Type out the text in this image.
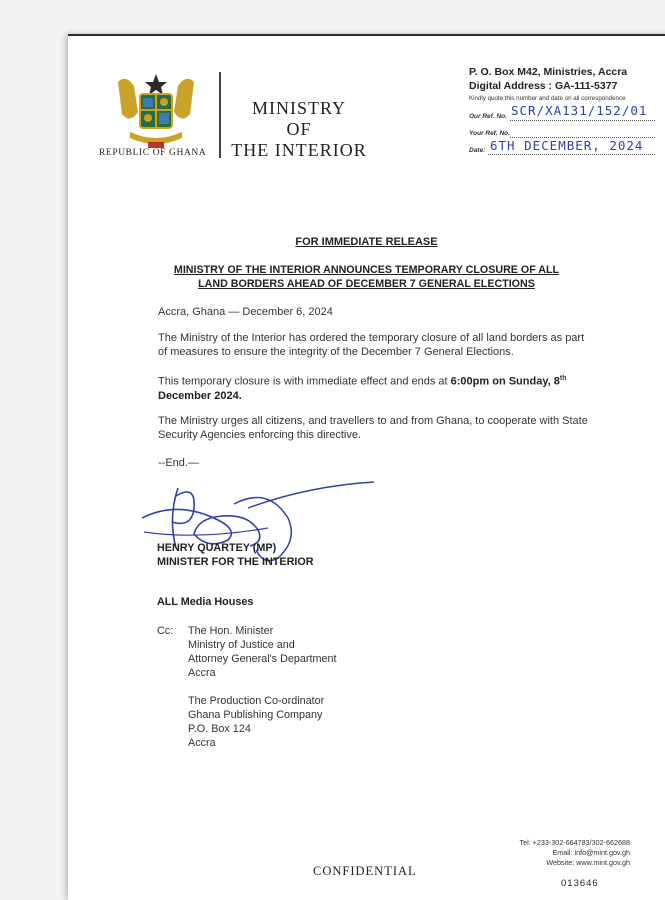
REPUBLIC OF GHANA
MINISTRY
OF
THE INTERIOR
P. O. Box M42, Ministries, Accra
Digital Address : GA-111-5377
Kindly quote this number and date on all correspondence
Our Ref. No. SCR/XA131/152/01
Your Ref. No.
Date: 6TH DECEMBER, 2024
FOR IMMEDIATE RELEASE
MINISTRY OF THE INTERIOR ANNOUNCES TEMPORARY CLOSURE OF ALL
LAND BORDERS AHEAD OF DECEMBER 7 GENERAL ELECTIONS
Accra, Ghana — December 6, 2024
The Ministry of the Interior has ordered the temporary closure of all land borders as part of measures to ensure the integrity of the December 7 General Elections.
This temporary closure is with immediate effect and ends at 6:00pm on Sunday, 8th December 2024.
The Ministry urges all citizens, and travellers to and from Ghana, to cooperate with State Security Agencies enforcing this directive.
--End.—
HENRY QUARTEY (MP)
MINISTER FOR THE INTERIOR
ALL Media Houses
Cc: The Hon. Minister
Ministry of Justice and
Attorney General's Department
Accra
The Production Co-ordinator
Ghana Publishing Company
P.O. Box 124
Accra
Tel: +233-302-664783/302-662688
Email: info@mint.gov.gh
Website: www.mint.gov.gh
CONFIDENTIAL
013646
